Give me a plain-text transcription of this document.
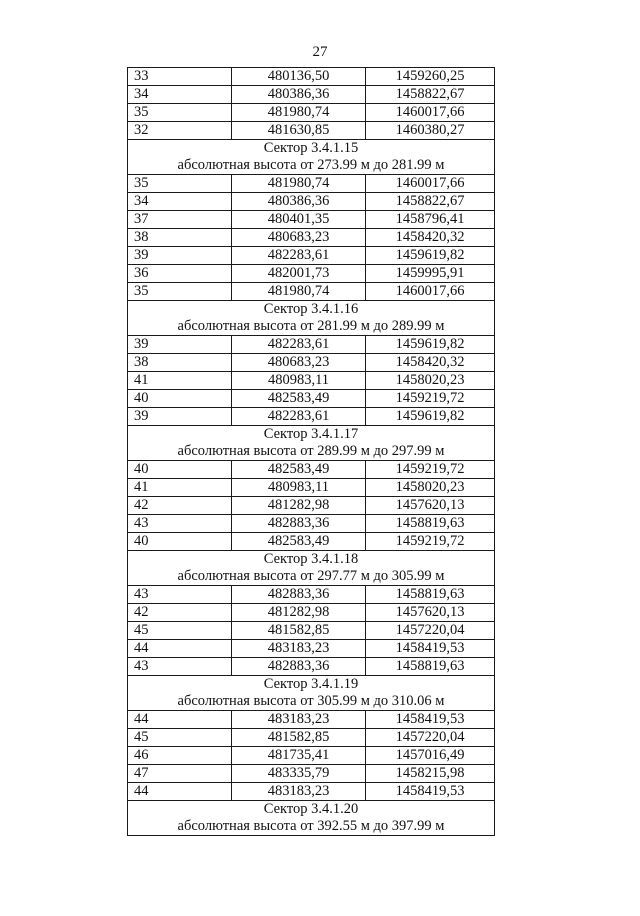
27
33	480136,50	1459260,25
34	480386,36	1458822,67
35	481980,74	1460017,66
32	481630,85	1460380,27
Сектор 3.4.1.15		
абсолютная высота от 273.99 м до 281.99 м		
35	481980,74	1460017,66
34	480386,36	1458822,67
37	480401,35	1458796,41
38	480683,23	1458420,32
39	482283,61	1459619,82
36	482001,73	1459995,91
35	481980,74	1460017,66
Сектор 3.4.1.16		
абсолютная высота от 281.99 м до 289.99 м		
39	482283,61	1459619,82
38	480683,23	1458420,32
41	480983,11	1458020,23
40	482583,49	1459219,72
39	482283,61	1459619,82
Сектор 3.4.1.17		
абсолютная высота от 289.99 м до 297.99 м		
40	482583,49	1459219,72
41	480983,11	1458020,23
42	481282,98	1457620,13
43	482883,36	1458819,63
40	482583,49	1459219,72
Сектор 3.4.1.18		
абсолютная высота от 297.77 м до 305.99 м		
43	482883,36	1458819,63
42	481282,98	1457620,13
45	481582,85	1457220,04
44	483183,23	1458419,53
43	482883,36	1458819,63
Сектор 3.4.1.19		
абсолютная высота от 305.99 м до 310.06 м		
44	483183,23	1458419,53
45	481582,85	1457220,04
46	481735,41	1457016,49
47	483335,79	1458215,98
44	483183,23	1458419,53
Сектор 3.4.1.20		
абсолютная высота от 392.55 м до 397.99 м		
